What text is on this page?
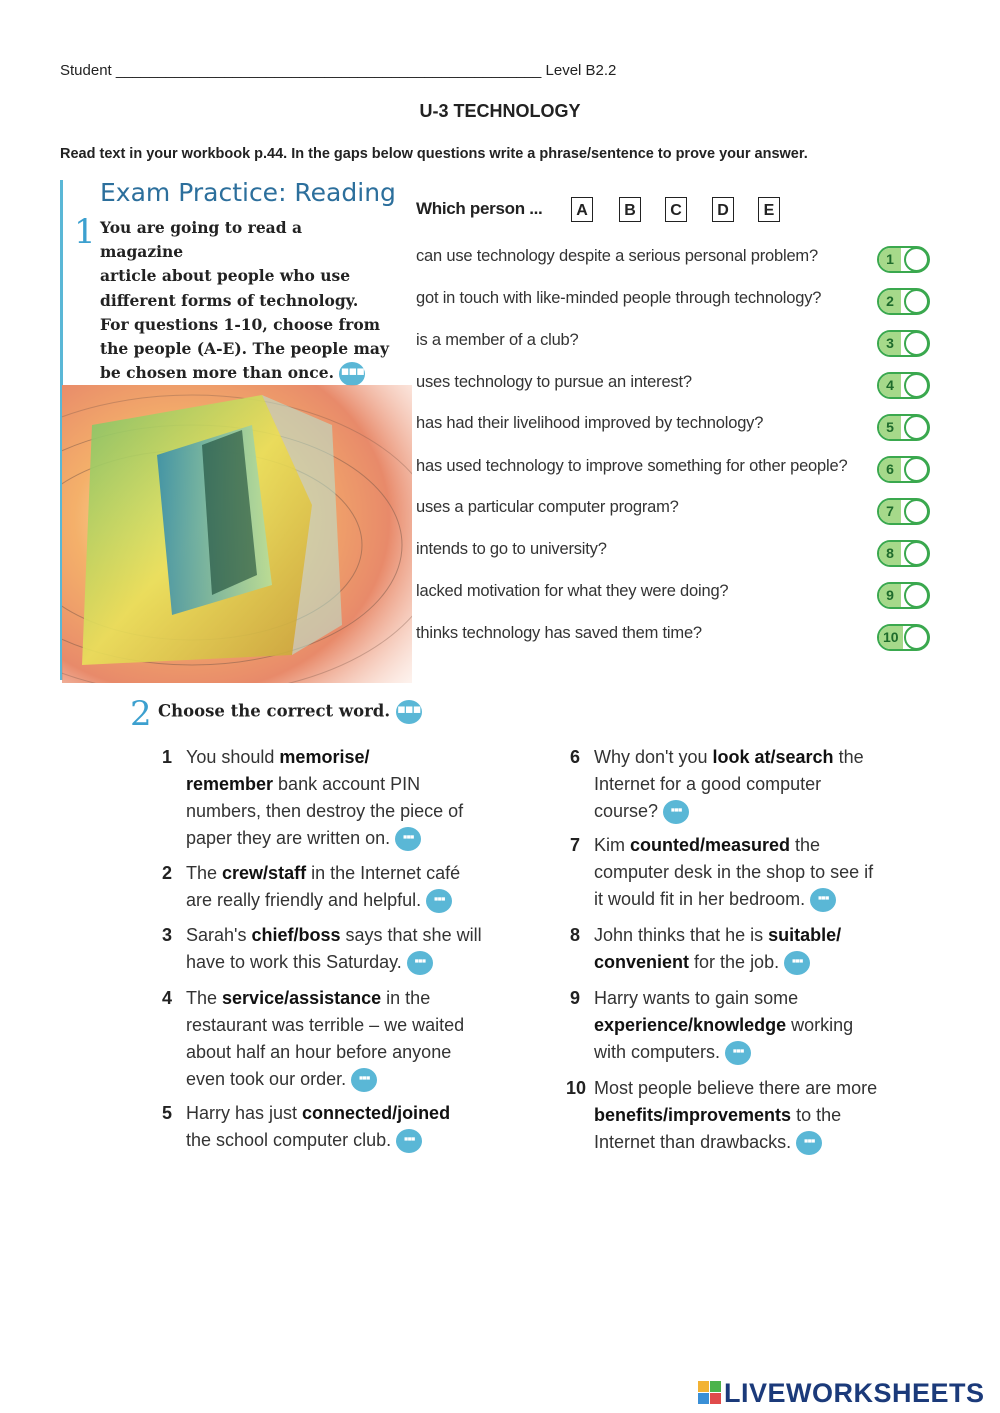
Student ___________________________________________________ Level B2.2
U-3 TECHNOLOGY
Read text in your workbook p.44. In the gaps below questions write a phrase/sentence to prove your answer.
Exam Practice: Reading
1 You are going to read a magazine
article about people who use
different forms of technology.
For questions 1-10, choose from
the people (A-E). The people may
be chosen more than once. ▪▪▪
Which person ...	A	B	C	D	E
can use technology despite a serious personal problem?	1
got in touch with like-minded people through technology?	2
is a member of a club?	3
uses technology to pursue an interest?	4
has had their livelihood improved by technology?	5
has used technology to improve something for other people?	6
uses a particular computer program?	7
intends to go to university?	8
lacked motivation for what they were doing?	9
thinks technology has saved them time?	10
2 Choose the correct word. ▪▪▪
1 You should memorise/
remember bank account PIN
numbers, then destroy the piece of
paper they are written on. ▪▪▪
2 The crew/staff in the Internet café
are really friendly and helpful. ▪▪▪
3 Sarah's chief/boss says that she will
have to work this Saturday. ▪▪▪
4 The service/assistance in the
restaurant was terrible – we waited
about half an hour before anyone
even took our order. ▪▪▪
5 Harry has just connected/joined
the school computer club. ▪▪▪
6 Why don't you look at/search the
Internet for a good computer
course? ▪▪▪
7 Kim counted/measured the
computer desk in the shop to see if
it would fit in her bedroom. ▪▪▪
8 John thinks that he is suitable/
convenient for the job. ▪▪▪
9 Harry wants to gain some
experience/knowledge working
with computers. ▪▪▪
10 Most people believe there are more
benefits/improvements to the
Internet than drawbacks. ▪▪▪
LIVEWORKSHEETS
